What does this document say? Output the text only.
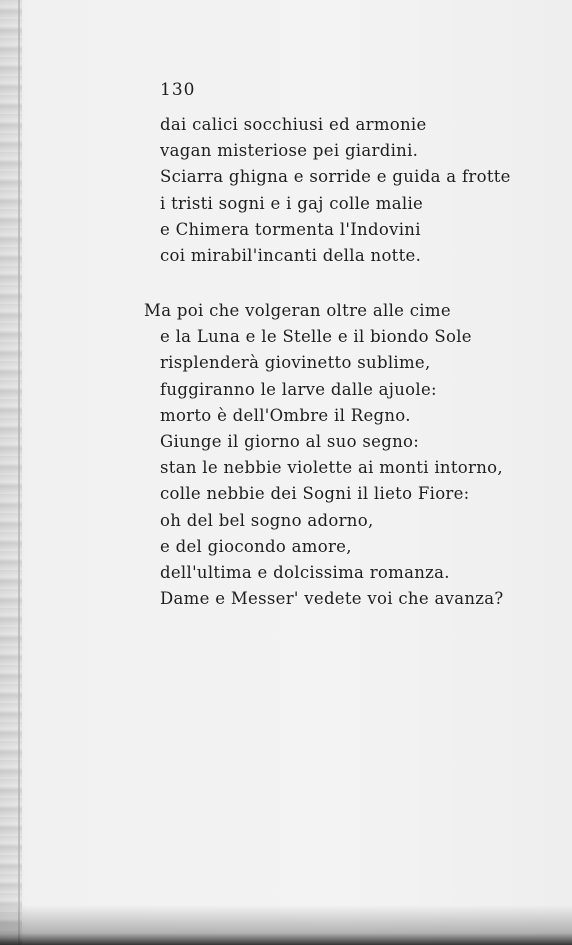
130

dai calici socchiusi ed armonie
vagan misteriose pei giardini.
Sciarra ghigna e sorride e guida a frotte
i tristi sogni e i gaj colle malie
e Chimera tormenta l'Indovini
coi mirabil'incanti della notte.
Ma poi che volgeran oltre alle cime
e la Luna e le Stelle e il biondo Sole
risplenderà giovinetto sublime,
fuggiranno le larve dalle ajuole:
morto è dell'Ombre il Regno.
Giunge il giorno al suo segno:
stan le nebbie violette ai monti intorno,
colle nebbie dei Sogni il lieto Fiore:
oh del bel sogno adorno,
e del giocondo amore,
dell'ultima e dolcissima romanza.
Dame e Messer' vedete voi che avanza?
